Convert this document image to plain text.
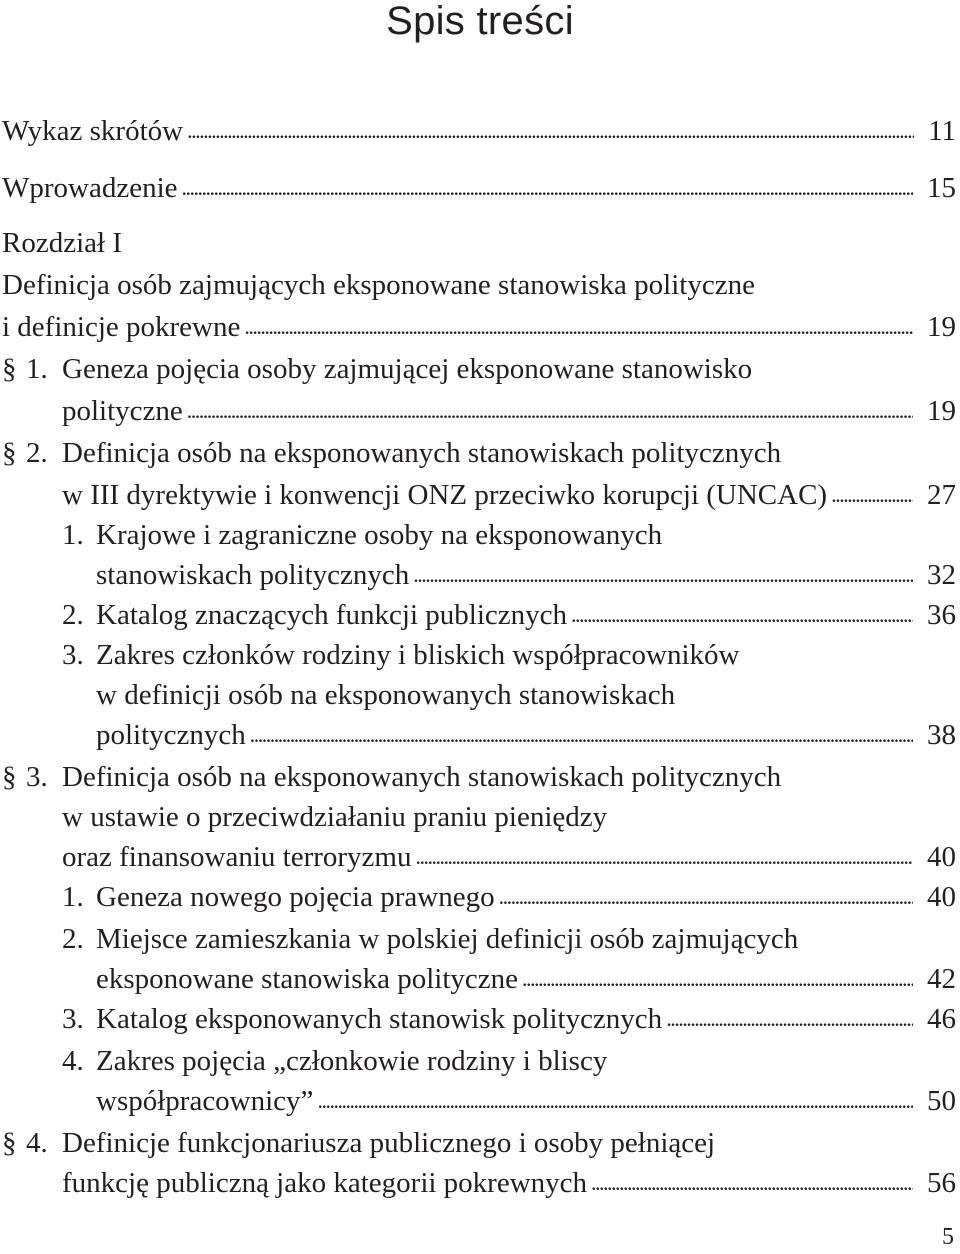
Spis treści
Wykaz skrótów	11
. . .
Wprowadzenie	15
. . .
Rozdział I
Definicja osób zajmujących eksponowane stanowiska polityczne
i definicje pokrewne	19
. . .
§ 1. Geneza pojęcia osoby zajmującej eksponowane stanowisko
polityczne	19
. . .
§ 2. Definicja osób na eksponowanych stanowiskach politycznych
w III dyrektywie i konwencji ONZ przeciwko korupcji (UNCAC)	27
. . .
1. Krajowe i zagraniczne osoby na eksponowanych
stanowiskach politycznych	32
. . .
2. Katalog znaczących funkcji publicznych	36
. . .
3. Zakres członków rodziny i bliskich współpracowników
w definicji osób na eksponowanych stanowiskach
politycznych	38
. . .
§ 3. Definicja osób na eksponowanych stanowiskach politycznych
w ustawie o przeciwdziałaniu praniu pieniędzy
oraz finansowaniu terroryzmu	40
. . .
1. Geneza nowego pojęcia prawnego	40
. . .
2. Miejsce zamieszkania w polskiej definicji osób zajmujących
eksponowane stanowiska polityczne	42
. . .
3. Katalog eksponowanych stanowisk politycznych	46
. . .
4. Zakres pojęcia „członkowie rodziny i bliscy
współpracownicy”	50
. . .
§ 4. Definicje funkcjonariusza publicznego i osoby pełniącej
funkcję publiczną jako kategorii pokrewnych	56
. . .
5
